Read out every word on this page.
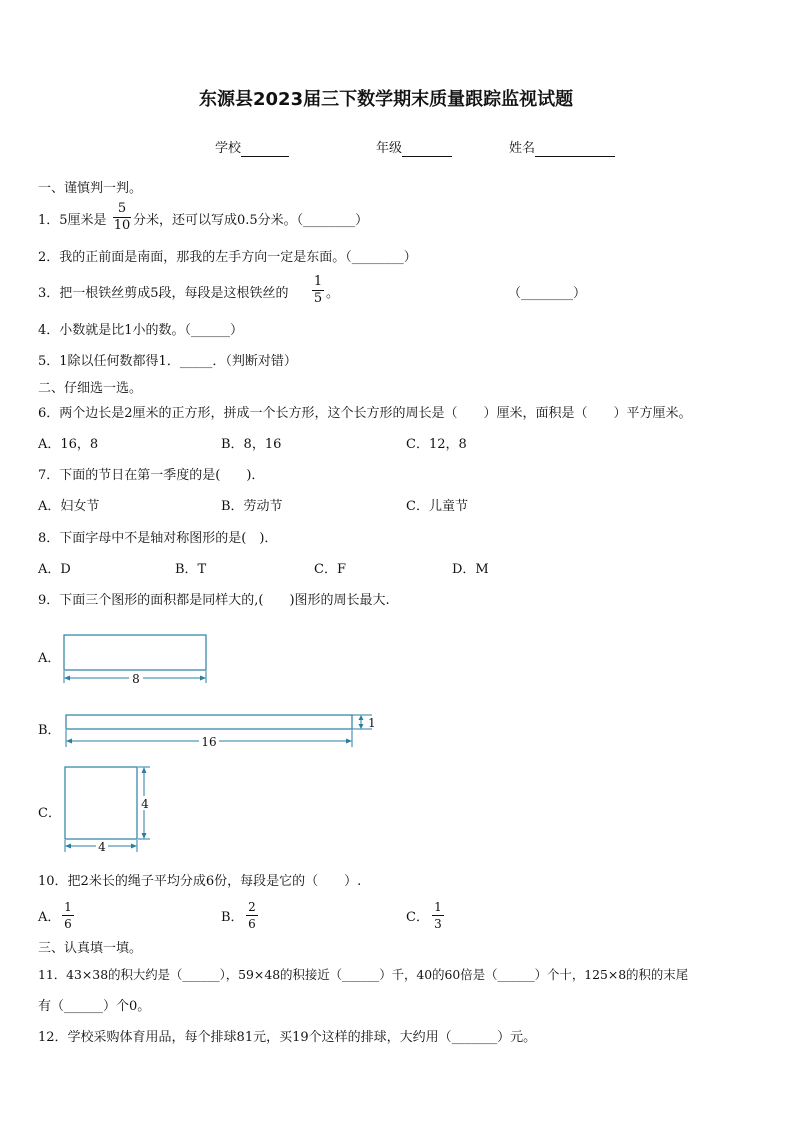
东源县2023届三下数学期末质量跟踪监视试题
学校	年级	姓名
一、谨慎判一判。
1．5厘米是
5
10 分米，还可以写成0.5分米。（________）
2．我的正前面是南面，那我的左手方向一定是东面。（________）
3．把一根铁丝剪成5段，每段是这根铁丝的
1
5 。	（________）
4．小数就是比1小的数。（______）
5．1除以任何数都得1．_____．（判断对错）
二、仔细选一选。
6．两个边长是2厘米的正方形，拼成一个长方形，这个长方形的周长是（　　）厘米，面积是（　　）平方厘米。
A．16，8	B．8，16	C．12，8
7．下面的节日在第一季度的是(　　)．
A．妇女节	B．劳动节	C．儿童节
8．下面字母中不是轴对称图形的是(　)．
A．D	B．T	C．F	D．M
9．下面三个图形的面积都是同样大的,(　　)图形的周长最大.
A．
8
B．	1
16
C．
4
4
10．把2米长的绳子平均分成6份，每段是它的（　　）.
A．
1
6	B．
2
6	C．
1
3
三、认真填一填。
11．43×38的积大约是（______），59×48的积接近（______）千，40的60倍是（______）个十，125×8的积的末尾
有（______）个0。
12．学校采购体育用品，每个排球81元，买19个这样的排球，大约用（_______）元。
